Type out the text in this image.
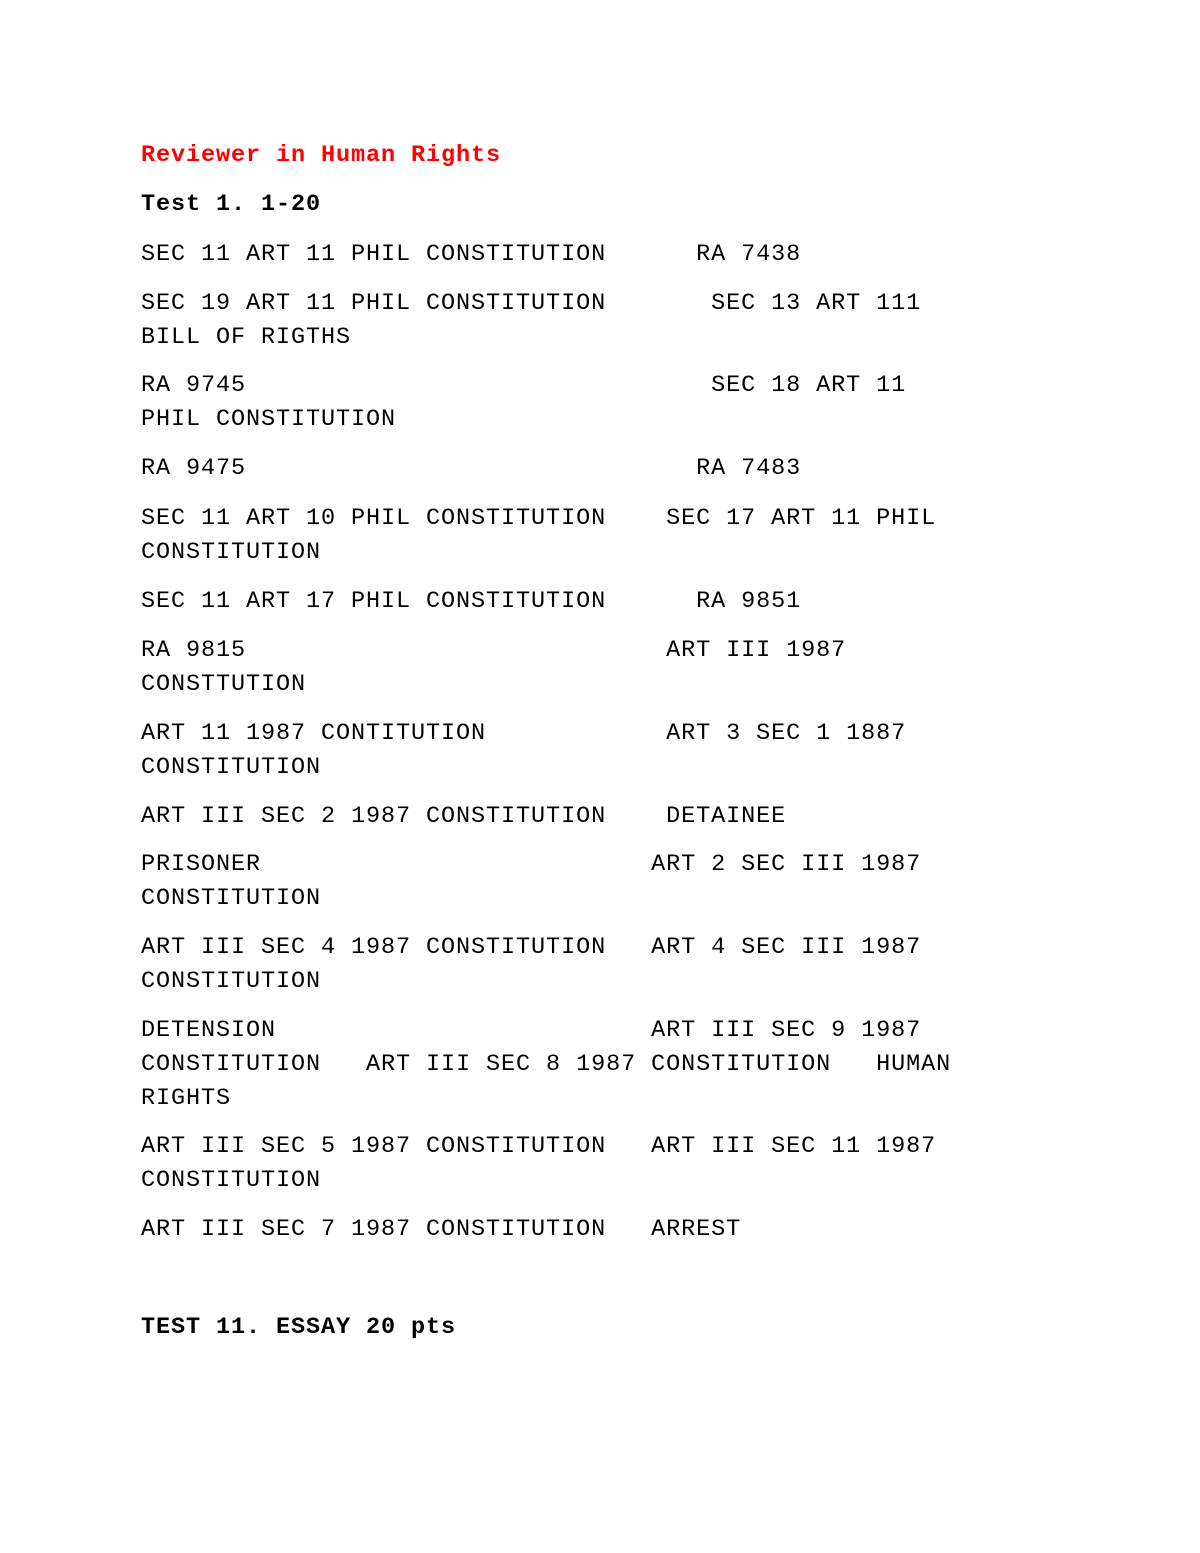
Reviewer in Human Rights

Test 1. 1-20

SEC 11 ART 11 PHIL CONSTITUTION      RA 7438

SEC 19 ART 11 PHIL CONSTITUTION       SEC 13 ART 111
BILL OF RIGTHS

RA 9745                               SEC 18 ART 11
PHIL CONSTITUTION

RA 9475                              RA 7483

SEC 11 ART 10 PHIL CONSTITUTION    SEC 17 ART 11 PHIL
CONSTITUTION

SEC 11 ART 17 PHIL CONSTITUTION      RA 9851

RA 9815                            ART III 1987
CONSTTUTION

ART 11 1987 CONTITUTION            ART 3 SEC 1 1887
CONSTITUTION

ART III SEC 2 1987 CONSTITUTION    DETAINEE

PRISONER                          ART 2 SEC III 1987
CONSTITUTION

ART III SEC 4 1987 CONSTITUTION   ART 4 SEC III 1987
CONSTITUTION

DETENSION                         ART III SEC 9 1987
CONSTITUTION   ART III SEC 8 1987 CONSTITUTION   HUMAN
RIGHTS

ART III SEC 5 1987 CONSTITUTION   ART III SEC 11 1987
CONSTITUTION

ART III SEC 7 1987 CONSTITUTION   ARREST

TEST 11. ESSAY 20 pts
